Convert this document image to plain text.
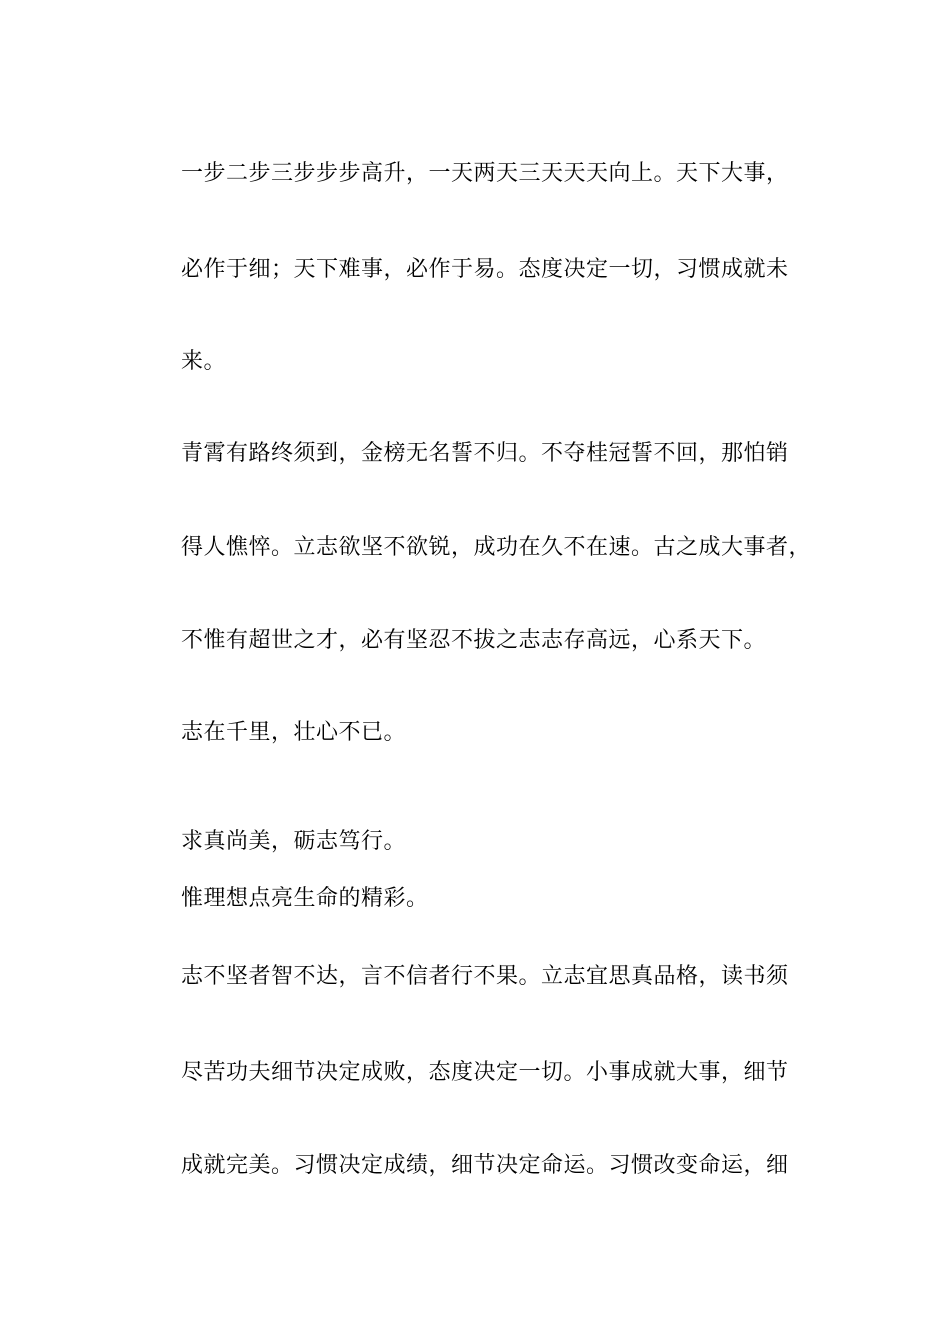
一步二步三步步步高升，一天两天三天天天向上。天下大事，
必作于细；天下难事，必作于易。态度决定一切，习惯成就未
来。
青霄有路终须到，金榜无名誓不归。不夺桂冠誓不回，那怕销
得人憔悴。立志欲坚不欲锐，成功在久不在速。古之成大事者，
不惟有超世之才，必有坚忍不拔之志志存高远，心系天下。
志在千里，壮心不已。
求真尚美，砺志笃行。
惟理想点亮生命的精彩。
志不坚者智不达，言不信者行不果。立志宜思真品格，读书须
尽苦功夫细节决定成败，态度决定一切。小事成就大事，细节
成就完美。习惯决定成绩，细节决定命运。习惯改变命运，细
